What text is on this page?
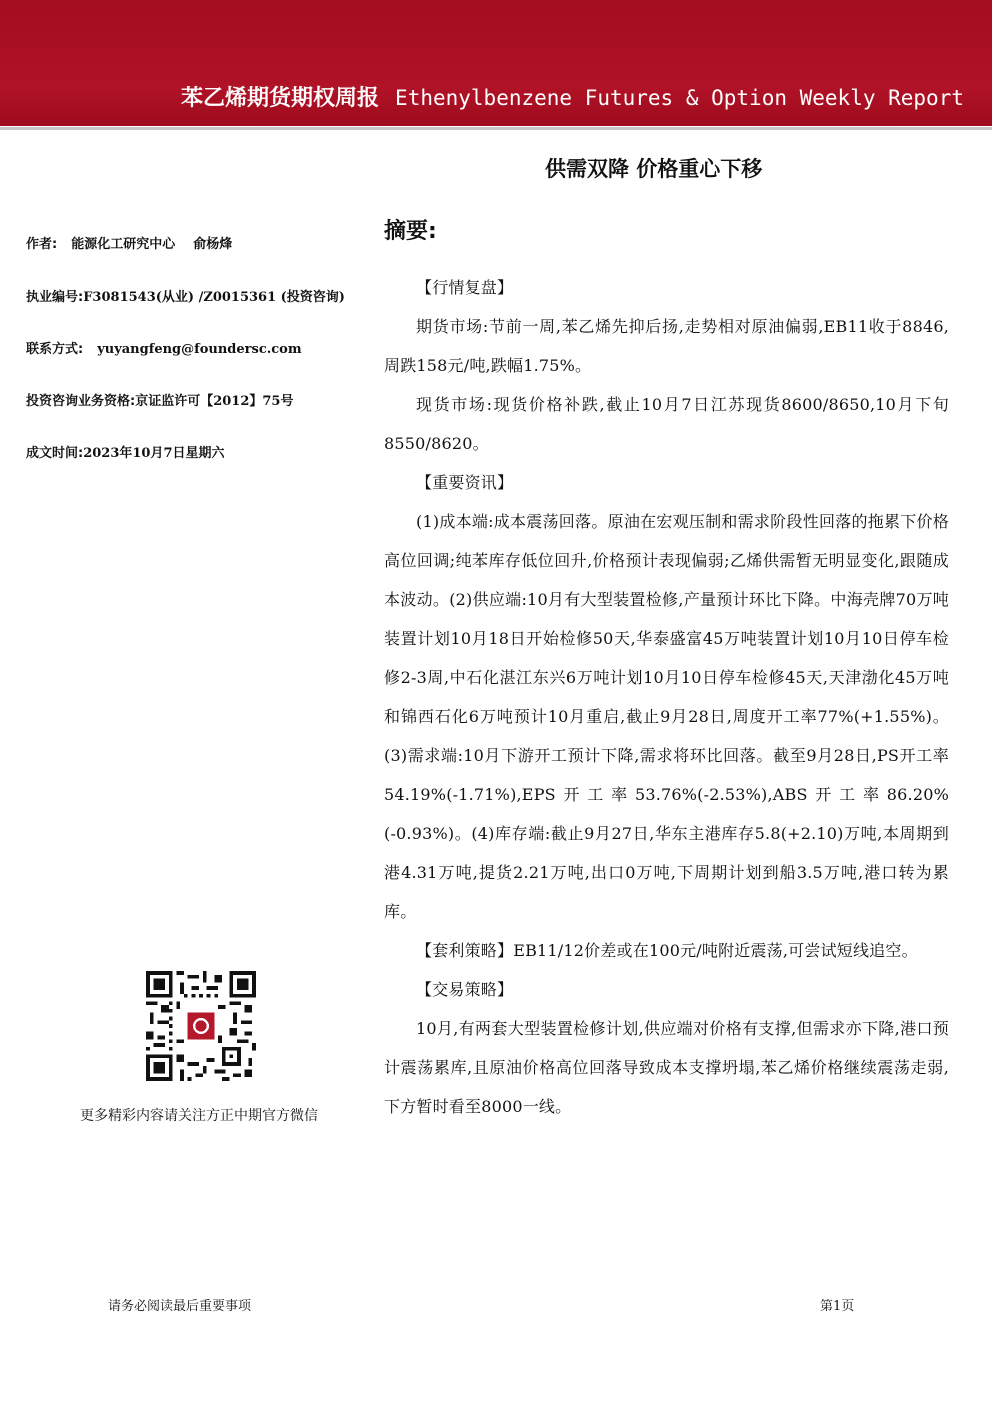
苯乙烯期货期权周报 Ethenylbenzene Futures & Option Weekly Report
供需双降 价格重心下移
摘要:
作者: 能源化工研究中心 俞杨烽
执业编号:F3081543(从业) /Z0015361 (投资咨询)
联系方式: yuyangfeng@foundersc.com
投资咨询业务资格:京证监许可【2012】75号
成文时间:2023年10月7日星期六

【行情复盘】

期货市场:节前一周,苯乙烯先抑后扬,走势相对原油偏弱,EB11收于8846,周跌158元/吨,跌幅1.75%。

现货市场:现货价格补跌,截止10月7日江苏现货8600/8650,10月下旬8550/8620。

【重要资讯】

(1)成本端:成本震荡回落。原油在宏观压制和需求阶段性回落的拖累下价格高位回调;纯苯库存低位回升,价格预计表现偏弱;乙烯供需暂无明显变化,跟随成本波动。(2)供应端:10月有大型装置检修,产量预计环比下降。中海壳牌70万吨装置计划10月18日开始检修50天,华泰盛富45万吨装置计划10月10日停车检修2-3周,中石化湛江东兴6万吨计划10月10日停车检修45天,天津渤化45万吨和锦西石化6万吨预计10月重启,截止9月28日,周度开工率77%(+1.55%)。(3)需求端:10月下游开工预计下降,需求将环比回落。截至9月28日,PS开工率54.19%(-1.71%),EPS开工率53.76%(-2.53%),ABS开工率86.20%(-0.93%)。(4)库存端:截止9月27日,华东主港库存5.8(+2.10)万吨,本周期到港4.31万吨,提货2.21万吨,出口0万吨,下周期计划到船3.5万吨,港口转为累库。

【套利策略】EB11/12价差或在100元/吨附近震荡,可尝试短线追空。

【交易策略】

10月,有两套大型装置检修计划,供应端对价格有支撑,但需求亦下降,港口预计震荡累库,且原油价格高位回落导致成本支撑坍塌,苯乙烯价格继续震荡走弱,下方暂时看至8000一线。

更多精彩内容请关注方正中期官方微信
请务必阅读最后重要事项	第1页
